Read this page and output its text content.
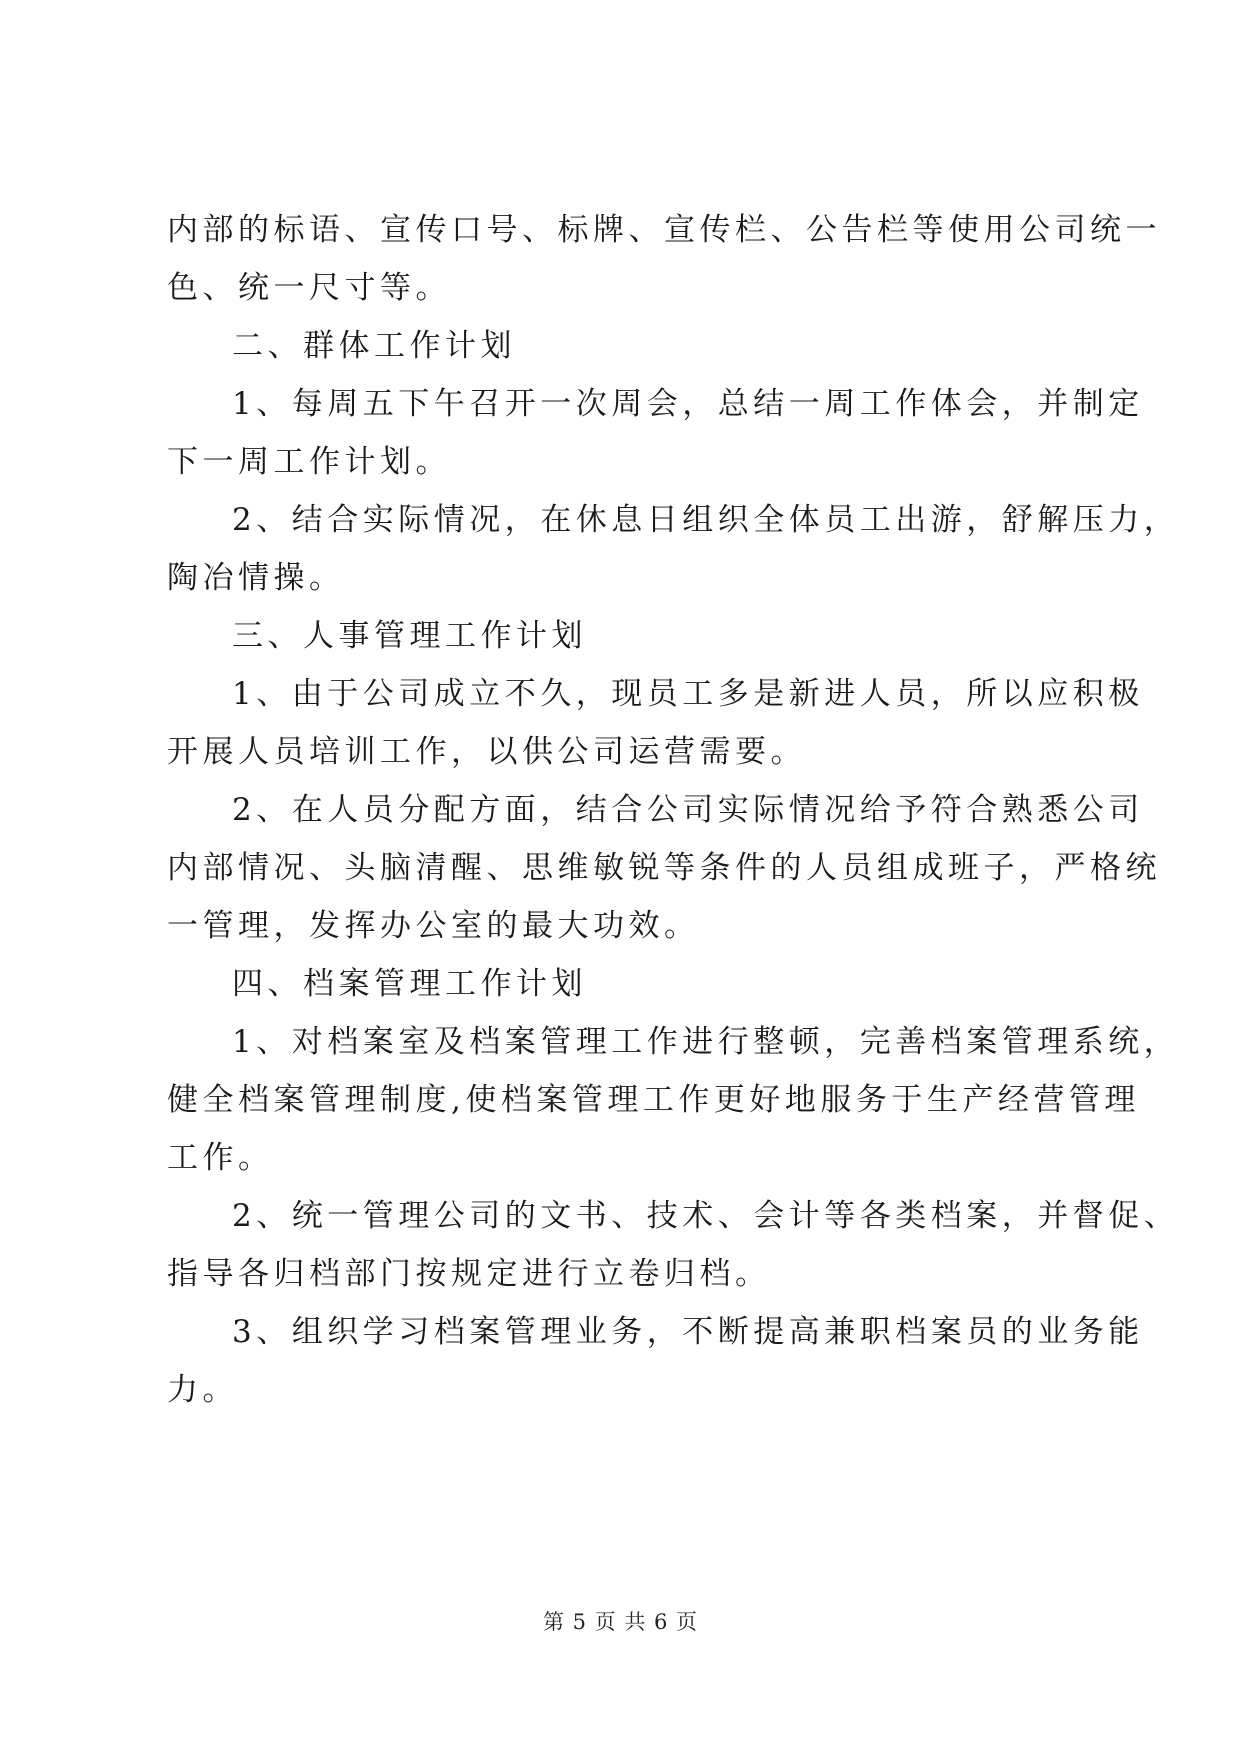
内部的标语、宣传口号、标牌、宣传栏、公告栏等使用公司统一
色、统一尺寸等。
二、群体工作计划
1、每周五下午召开一次周会，总结一周工作体会，并制定
下一周工作计划。
2、结合实际情况，在休息日组织全体员工出游，舒解压力，
陶冶情操。
三、人事管理工作计划
1、由于公司成立不久，现员工多是新进人员，所以应积极
开展人员培训工作，以供公司运营需要。
2、在人员分配方面，结合公司实际情况给予符合熟悉公司
内部情况、头脑清醒、思维敏锐等条件的人员组成班子，严格统
一管理，发挥办公室的最大功效。
四、档案管理工作计划
1、对档案室及档案管理工作进行整顿，完善档案管理系统，
健全档案管理制度,使档案管理工作更好地服务于生产经营管理
工作。
2、统一管理公司的文书、技术、会计等各类档案，并督促、
指导各归档部门按规定进行立卷归档。
3、组织学习档案管理业务，不断提高兼职档案员的业务能
力。
第 5 页 共 6 页
